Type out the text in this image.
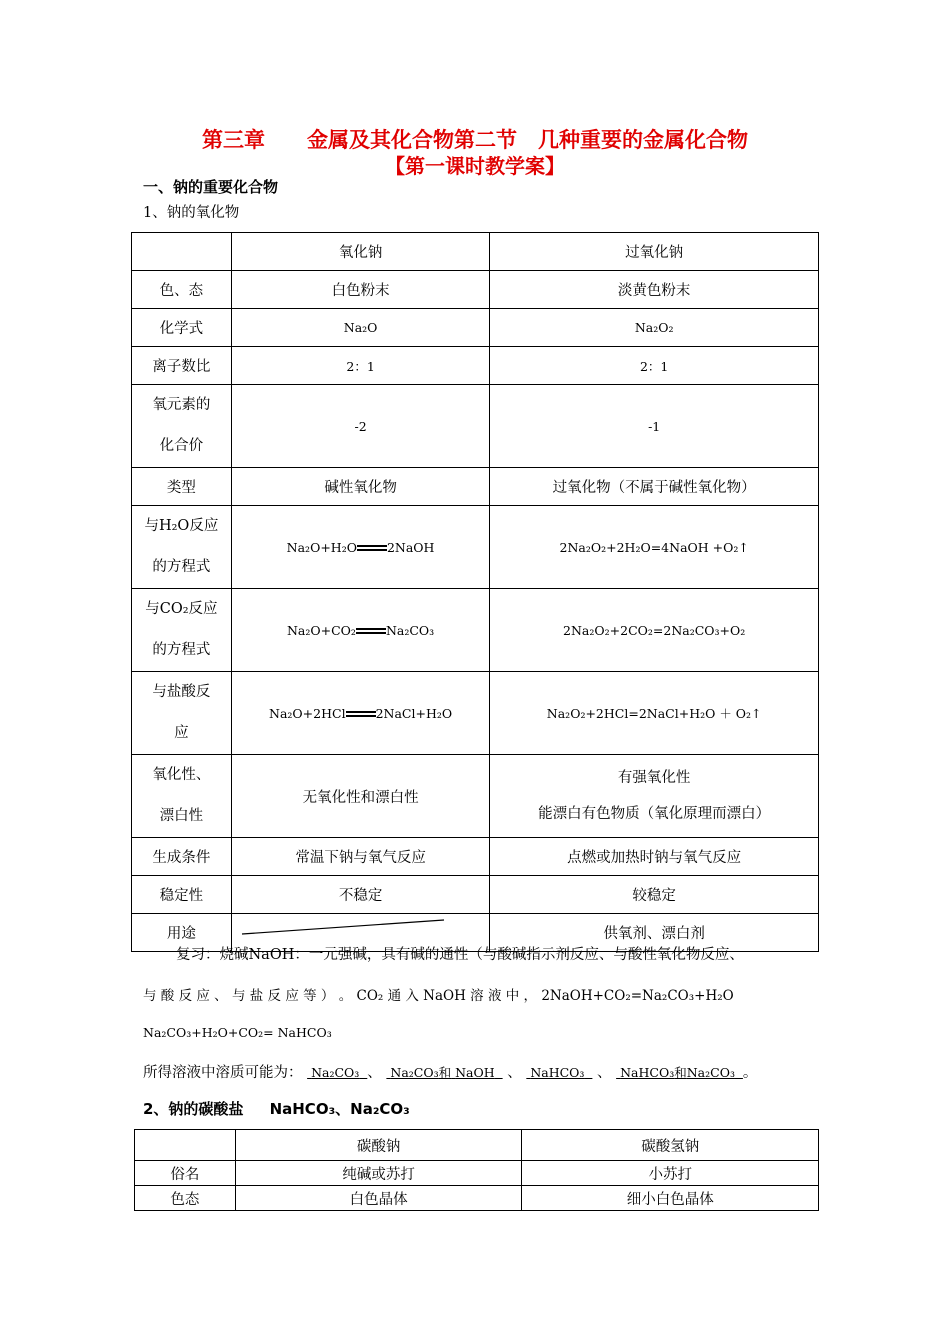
第三章　　金属及其化合物第二节　几种重要的金属化合物
【第一课时教学案】
一、钠的重要化合物
1、钠的氧化物
	氧化钠	过氧化钠
色、态	白色粉末	淡黄色粉末
化学式	Na₂O	Na₂O₂
离子数比	2：1	2：1
氧元素的
化合价	-2	-1
类型	碱性氧化物	过氧化物（不属于碱性氧化物）
与H₂O反应
的方程式	Na₂O+H₂O 2NaOH	2Na₂O₂+2H₂O=4NaOH +O₂↑
与CO₂反应
的方程式	Na₂O+CO₂ Na₂CO₃	2Na₂O₂+2CO₂=2Na₂CO₃+O₂
与盐酸反
应	Na₂O+2HCl 2NaCl+H₂O	Na₂O₂+2HCl=2NaCl+H₂O ＋ O₂↑
氧化性、
漂白性	无氧化性和漂白性	有强氧化性
能漂白有色物质（氧化原理而漂白）
生成条件	常温下钠与氧气反应	点燃或加热时钠与氧气反应
稳定性	不稳定	较稳定
用途		供氧剂、漂白剂
复习：烧碱NaOH：一元强碱，具有碱的通性（与酸碱指示剂反应、与酸性氧化物反应、
与 酸 反 应 、 与 盐 反 应 等 ） 。 CO₂ 通 入 NaOH 溶 液 中 ， 2NaOH+CO₂=Na₂CO₃+H₂O
Na₂CO₃+H₂O+CO₂= NaHCO₃
所得溶液中溶质可能为： Na₂CO₃ 、 Na₂CO₃和 NaOH 、 NaHCO₃ 、 NaHCO₃和Na₂CO₃ 。
2、钠的碳酸盐 NaHCO₃、Na₂CO₃
	碳酸钠	碳酸氢钠
俗名	纯碱或苏打	小苏打
色态	白色晶体	细小白色晶体
